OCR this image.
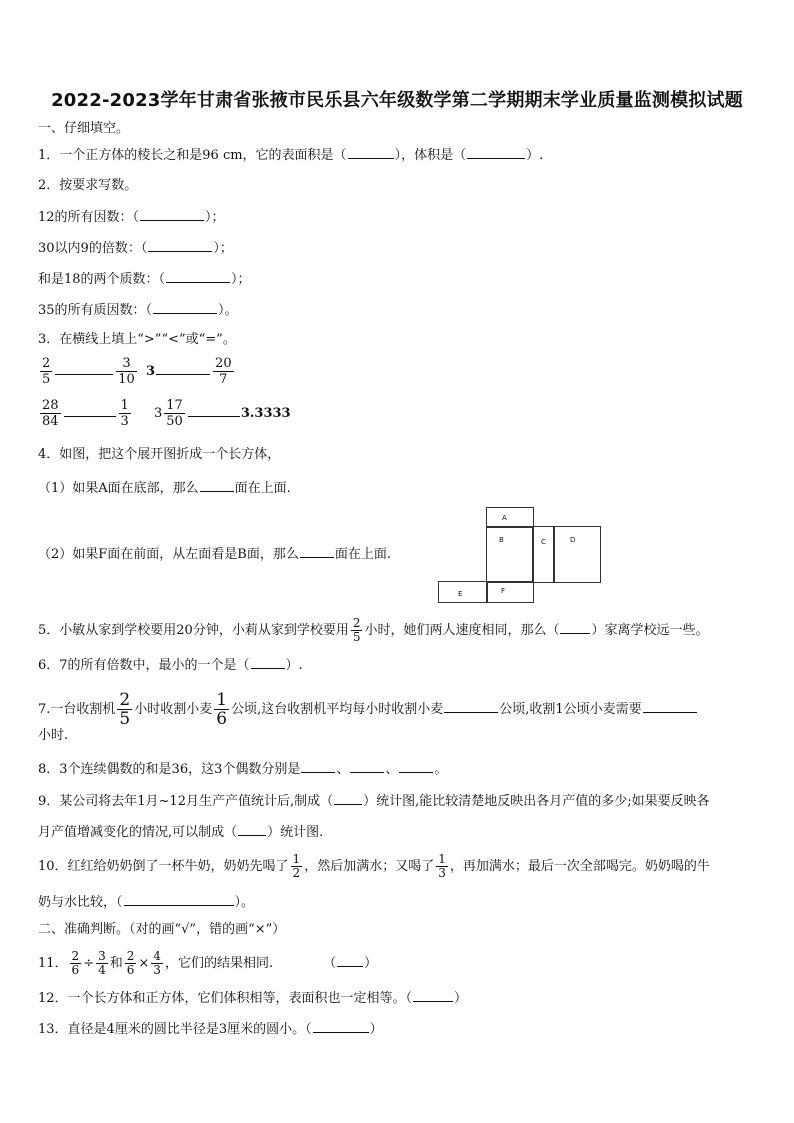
2022-2023学年甘肃省张掖市民乐县六年级数学第二学期期末学业质量监测模拟试题
一、仔细填空。
1．一个正方体的棱长之和是96 cm，它的表面积是（	），体积是（	）.
2．按要求写数。
12的所有因数：（	）；
30以内9的倍数：（	）；
和是18的两个质数：（	）；
35的所有质因数：（	）。
3．在横线上填上“>”“<”或“=”。
$\frac{2}{5}$	$\frac{3}{10} 3$	$\frac{20}{7}$
$\frac{28}{84}$	$\frac{1}{3} 3 \frac{17}{50}$	3.3333
4．如图，把这个展开图折成一个长方体，
（1）如果A面在底部，那么	面在上面.
（2）如果F面在前面，从左面看是B面，那么	面在上面.
A
B	C	D
E	F
5．小敏从家到学校要用20分钟，小莉从家到学校要用 $\frac{2}{5}$ 小时，她们两人速度相同，那么（ ）家离学校远一些。
6．7的所有倍数中，最小的一个是（	）.
7.一台收割机 $\frac{2}{5}$ 小时收割小麦 $\frac{1}{6}$ 公顷,这台收割机平均每小时收割小麦	公顷,收割1公顷小麦需要
小时.
8．3个连续偶数的和是36，这3个偶数分别是	、	、	。
9．某公司将去年1月~12月生产产值统计后,制成（ ）统计图,能比较清楚地反映出各月产值的多少;如果要反映各
月产值增减变化的情况,可以制成（ ）统计图.
10．红红给奶奶倒了一杯牛奶，奶奶先喝了 $\frac{1}{2}$ ，然后加满水；又喝了 $\frac{1}{3}$ ，再加满水；最后一次全部喝完。奶奶喝的牛
奶与水比较，（	）。
二、准确判断。（对的画“√”，错的画“×”）
11． $\frac{2}{6} \div \frac{3}{4}$ 和 $\frac{2}{6} \times \frac{4}{3}$ ，它们的结果相同.	（ ）
12．一个长方体和正方体，它们体积相等，表面积也一定相等。（	）
13．直径是4厘米的圆比半径是3厘米的圆小。（	）
